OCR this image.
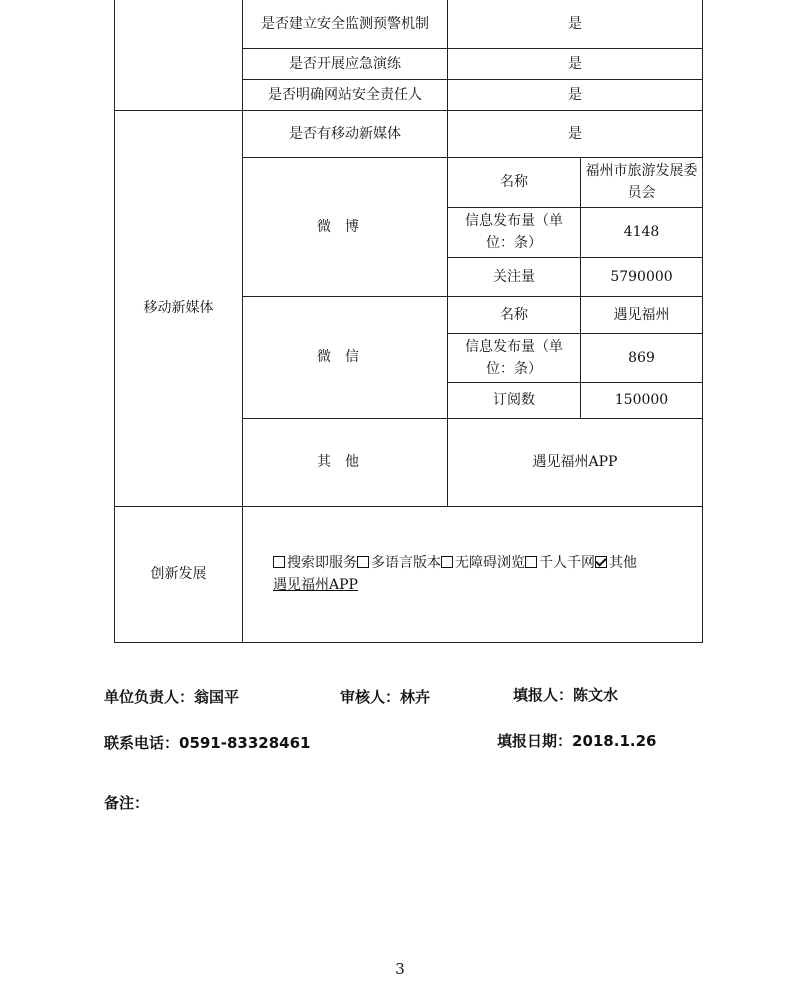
	是否建立安全监测预警机制	是	
	是否开展应急演练	是	
	是否明确网站安全责任人	是	
移动新媒体	是否有移动新媒体	是	
	微博	名称	福州市旅游发展委员会
		信息发布量（单位：条）	4148
		关注量	5790000
	微信	名称	遇见福州
		信息发布量（单位：条）	869
		订阅数	150000
	其他	遇见福州APP	
创新发展	搜索即服务 多语言版本 无障碍浏览 千人千网 其他
遇见福州APP		
单位负责人：翁国平	审核人：林卉	填报人：陈文水
联系电话：0591-83328461	填报日期：2018.1.26
备注：
3
